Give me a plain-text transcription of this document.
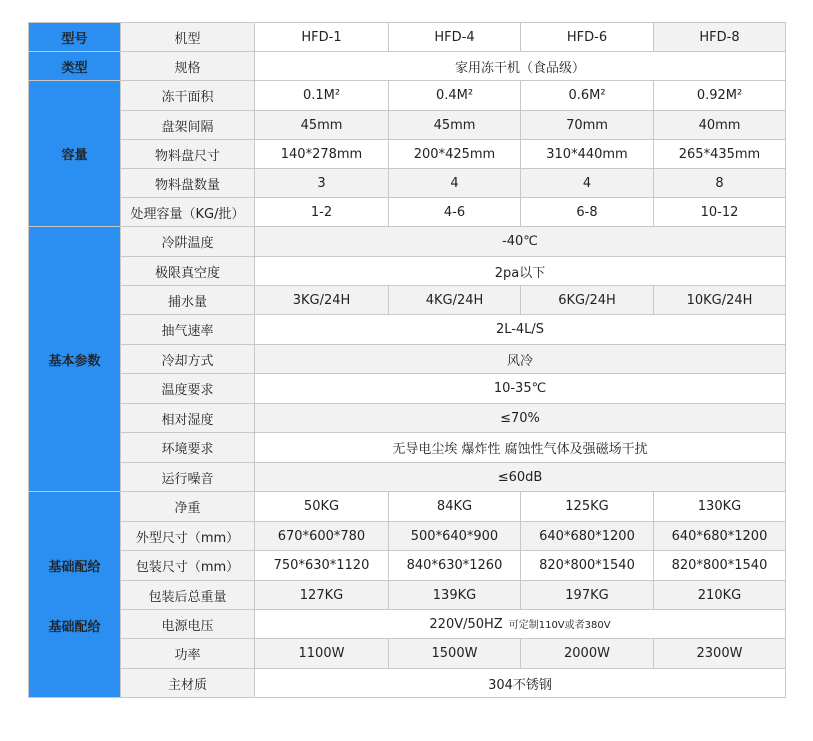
型号	机型	HFD-1	HFD-4	HFD-6	HFD-8
类型	规格	家用冻干机（食品级）			
容量	冻干面积	0.1M²	0.4M²	0.6M²	0.92M²
	盘架间隔	45mm	45mm	70mm	40mm
	物料盘尺寸	140*278mm	200*425mm	310*440mm	265*435mm
	物料盘数量	3	4	4	8
	处理容量（KG/批）	1-2	4-6	6-8	10-12
基本参数	冷阱温度	-40℃			
	极限真空度	2pa以下			
	捕水量	3KG/24H	4KG/24H	6KG/24H	10KG/24H
	抽气速率	2L-4L/S			
	冷却方式	风冷			
	温度要求	10-35℃			
	相对湿度	≤70%			
	环境要求	无导电尘埃 爆炸性 腐蚀性气体及强磁场干扰			
	运行噪音	≤60dB			

基础配给
基础配给	净重	50KG	84KG	125KG	130KG
	外型尺寸（mm）	670*600*780	500*640*900	640*680*1200	640*680*1200
	包装尺寸（mm）	750*630*1120	840*630*1260	820*800*1540	820*800*1540
	包装后总重量	127KG	139KG	197KG	210KG
	电源电压	220V/50HZ 可定制110V或者380V			
	功率	1100W	1500W	2000W	2300W
	主材质	304不锈钢			
